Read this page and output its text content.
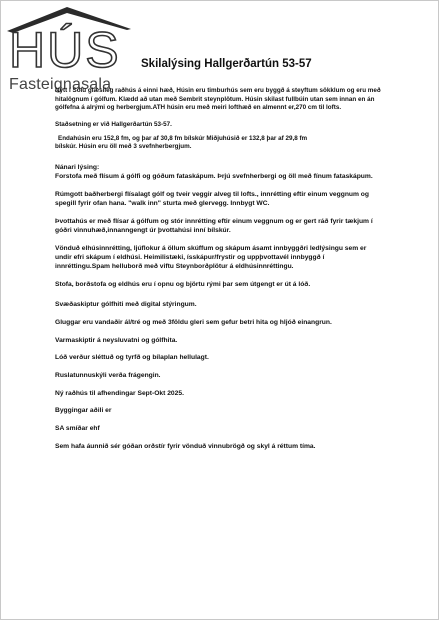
HÚS
Fasteignasala
Skilalýsing Hallgerðartún 53-57

Nýtt í Sölu glæsileg raðhús á einni hæð, Húsin eru timburhús sem eru byggð á steyftum sökklum og eru með hitalögnum í gólfum. Klædd að utan með Sembrit steynplötum. Húsin skilast fullbúin utan sem innan en án gólfefna á alrými og herbergjum.ATH húsin eru með meiri lofthæð en almennt er,270 cm til lofts.

Staðsetning er við Hallgerðartún 53-57.

Endahúsin eru 152,8 fm, og þar af 30,8 fm bílskúr Miðjuhúsið er 132,8 þar af 29,8 fm

bílskúr. Húsin eru öll með 3 svefnherbergjum.

Nánari lýsing:

Forstofa með flísum á gólfi og góðum fataskápum. Þrjú svefnherbergi og öll með fínum fataskápum.

Rúmgott baðherbergi flísalagt gólf og tveir veggir alveg til lofts., innrétting eftir einum veggnum og spegill fyrir ofan hana. "walk inn" sturta með glervegg. Innbygt WC.

Þvottahús er með flísar á gólfum og stór innrétting eftir einum veggnum og er gert ráð fyrir tækjum í góðri vinnuhæð,innanngengt úr þvottahúsi inní bílskúr.

Vönduð elhúsinnrétting, ljúflokur á öllum skúffum og skápum ásamt innbyggðri ledlýsingu sem er undir efri skápum í eldhúsi. Heimilistæki, ísskápur/frystir og uppþvottavél innbyggð í innréttingu.Spam helluborð með viftu Steynborðplötur á eldhúsinnréttingu.

Stofa, borðstofa og eldhús eru í opnu og björtu rými þar sem útgengt er út á lóð.

Svæðaskiptur gólfhiti með digital stýringum.

Gluggar eru vandaðir ál/tré og með 3földu gleri sem gefur betri hita og hljóð einangrun.

Varmaskiptir á neysluvatni og gólfhita.

Lóð verður sléttuð og tyrfð og bílaplan hellulagt.

Ruslatunnuskýli verða frágengin.

Ný raðhús til afhendingar Sept-Okt 2025.

Byggingar aðili er

SA smíðar ehf

Sem hafa áunnið sér góðan orðstír fyrir vönduð vinnubrögð og skyl á réttum tíma.
